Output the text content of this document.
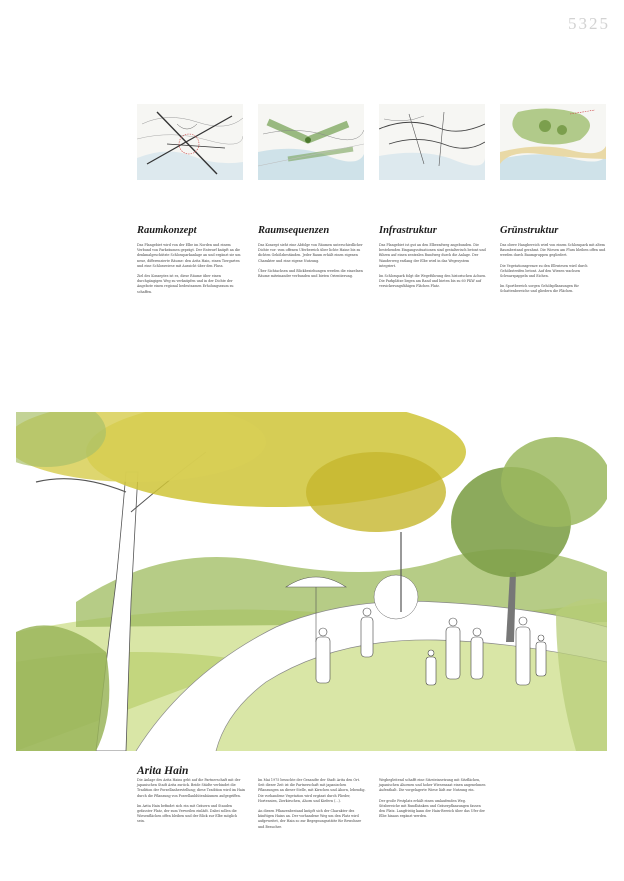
5325
Raumkonzept

Das Plangebiet wird von der Elbe im Norden und einem Verbund von Parkräumen geprägt. Der Entwurf knüpft an die denkmalgeschützte Schlossparkanlage an und ergänzt sie um neue, differenzierte Räume: den Arita Hain, einen Tiergarten und eine Schlosswiese mit Aussicht über den Fluss.

Ziel des Konzeptes ist es, diese Räume über einen durchgängigen Weg zu verknüpfen und in der Dichte der Angebote einen regional bedeutsamen Erholungsraum zu schaffen.

Raumsequenzen

Das Konzept sieht eine Abfolge von Räumen unterschiedlicher Dichte vor: vom offenen Uferbereich über lichte Haine bis zu dichten Gehölzbeständen. Jeder Raum erhält einen eigenen Charakter und eine eigene Nutzung.

Über Sichtachsen und Blickbeziehungen werden die einzelnen Räume miteinander verbunden und bieten Orientierung.

Infrastruktur

Das Plangebiet ist gut an den Elberadweg angebunden. Die bestehenden Eingangssituationen sind gestalterisch betont und führen auf einen zentralen Rundweg durch die Anlage. Der Wanderweg entlang der Elbe wird in das Wegesystem integriert.

Im Schlosspark folgt die Wegeführung den historischen Achsen. Die Parkplätze liegen am Rand und bieten bis zu 60 PKW auf versickerungsfähigen Flächen Platz.

Grünstruktur

Das obere Hangbereich wird von einem Schlosspark mit altem Baumbestand gerahmt. Die Wiesen am Fluss bleiben offen und werden durch Baumgruppen gegliedert.

Die Vegetationsgrenze zu den Elbwiesen wird durch Gehölzstreifen betont. Auf den Wiesen wachsen Schwarzpappeln und Eichen.

Im Sportbereich sorgen Gehölzpflanzungen für Schattenbereiche und gliedern die Flächen.

Arita Hain

Die Anlage des Arita Hains geht auf die Partnerschaft mit der japanischen Stadt Arita zurück. Beide Städte verbindet die Tradition der Porzellanherstellung; diese Tradition wird im Hain durch die Pflanzung von Porzellanblütenbäumen aufgegriffen.

Im Arita Hain befindet sich ein mit Gräsern und Stauden gefasster Platz, der zum Verweilen einlädt. Dabei sollen die Wiesenflächen offen bleiben und der Blick zur Elbe möglich sein.

Im Mai 1975 besuchte der Gesandte der Stadt Arita den Ort. Seit dieser Zeit ist die Partnerschaft mit japanischen Pflanzungen an dieser Stelle, mit Kirschen und Ahorn, lebendig. Die vorhandene Vegetation wird ergänzt durch Flieder, Hortensien, Zierkirschen, Ahorn und Kiefern (...).

An diesen Pflanzenbestand knüpft sich der Charakter des künftigen Hains an. Der vorhandene Weg um den Platz wird aufgeweitet, der Hain so zur Begegnungsstätte für Bewohner und Besucher.

Wegbegleitend schafft eine Sitzsteinsetzung mit Sitzflächen, japanischen Ahornen und hoher Wiesensaat einen angenehmen Aufenthalt. Die vorgelagerte Wiese lädt zur Nutzung ein.

Der große Festplatz erhält einen umlaufenden Weg. Sitzbereiche mit Rundbänken und Gräserpflanzungen fassen den Platz. Langfristig kann der Hain-Bereich über das Ufer der Elbe hinaus ergänzt werden.
